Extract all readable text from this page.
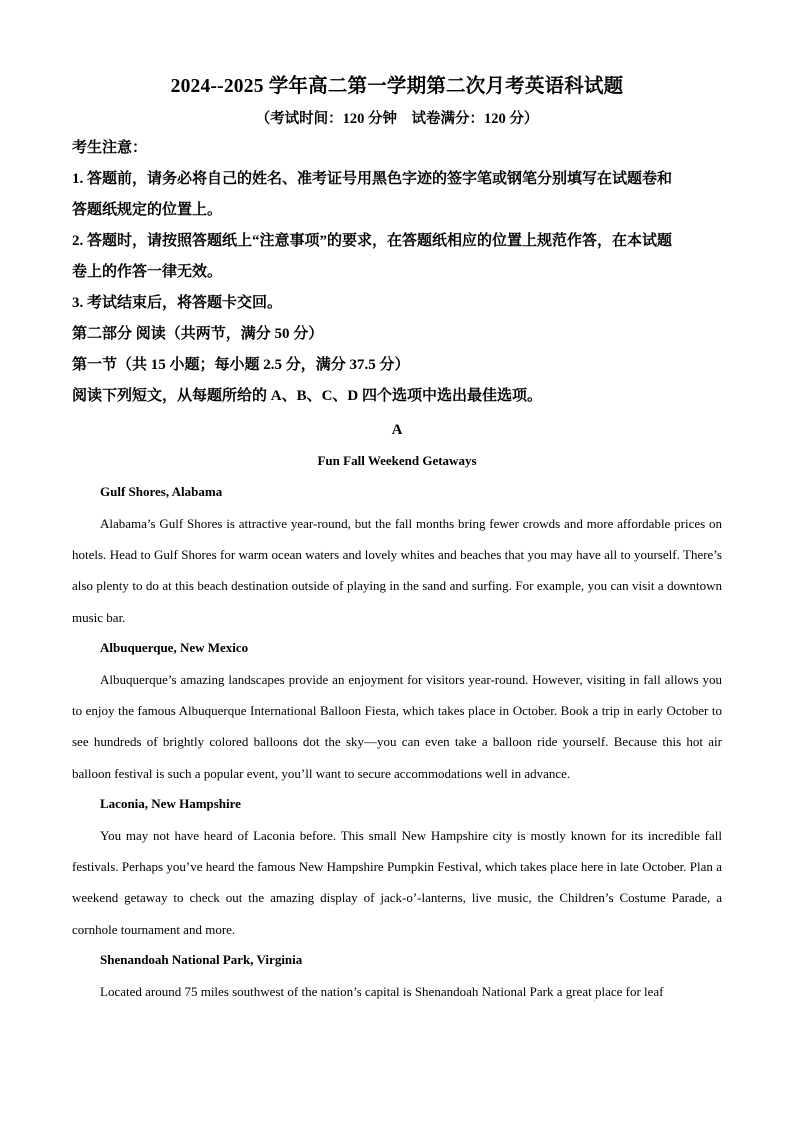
2024--2025 学年高二第一学期第二次月考英语科试题
（考试时间：120 分钟　试卷满分：120 分）
考生注意：
1. 答题前，请务必将自己的姓名、准考证号用黑色字迹的签字笔或钢笔分别填写在试题卷和
答题纸规定的位置上。
2. 答题时，请按照答题纸上“注意事项”的要求，在答题纸相应的位置上规范作答，在本试题
卷上的作答一律无效。
3. 考试结束后，将答题卡交回。
第二部分 阅读（共两节，满分 50 分）
第一节（共 15 小题；每小题 2.5 分，满分 37.5 分）
阅读下列短文，从每题所给的 A、B、C、D 四个选项中选出最佳选项。
A
Fun Fall Weekend Getaways
Gulf Shores, Alabama

Alabama’s Gulf Shores is attractive year-round, but the fall months bring fewer crowds and more affordable prices on hotels. Head to Gulf Shores for warm ocean waters and lovely whites and beaches that you may have all to yourself. There’s also plenty to do at this beach destination outside of playing in the sand and surfing. For example, you can visit a downtown music bar.

Albuquerque, New Mexico

Albuquerque’s amazing landscapes provide an enjoyment for visitors year-round. However, visiting in fall allows you to enjoy the famous Albuquerque International Balloon Fiesta, which takes place in October. Book a trip in early October to see hundreds of brightly colored balloons dot the sky—you can even take a balloon ride yourself. Because this hot air balloon festival is such a popular event, you’ll want to secure accommodations well in advance.

Laconia, New Hampshire

You may not have heard of Laconia before. This small New Hampshire city is mostly known for its incredible fall festivals. Perhaps you’ve heard the famous New Hampshire Pumpkin Festival, which takes place here in late October. Plan a weekend getaway to check out the amazing display of jack-o’-lanterns, live music, the Children’s Costume Parade, a cornhole tournament and more.

Shenandoah National Park, Virginia

Located around 75 miles southwest of the nation’s capital is Shenandoah National Park a great place for leaf

'
